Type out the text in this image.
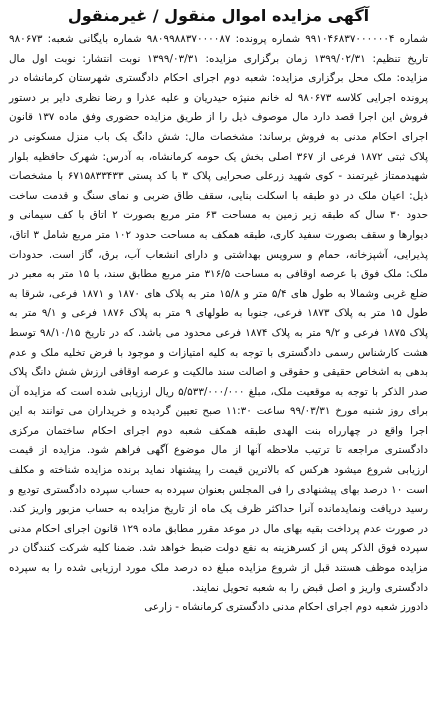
آگهی مزایده اموال منقول / غیرمنقول

شماره ۹۹۱۰۴۶۸۳۷۰۰۰۰۰۰۴ شماره پرونده: ۹۸۰۹۹۸۸۳۷۰۰۰۰۸۷ شماره بایگانی شعبه: ۹۸۰۶۷۳ تاریخ تنظیم: ۱۳۹۹/۰۲/۳۱ زمان برگزاری مزایده: ۱۳۹۹/۰۳/۳۱ نوبت انتشار: نوبت اول مال مزایده: ملک محل برگزاری مزایده: شعبه دوم اجرای احکام دادگستری شهرستان کرمانشاه در پرونده اجرایی کلاسه ۹۸۰۶۷۳ له خانم منیژه حیدریان و علیه عذرا و رضا نظری داير بر دستور فروش این اجرا قصد دارد مال موصوف ذیل را از طریق مزایده حضوری وفق ماده ۱۳۷ قانون اجرای احکام مدنی به فروش برساند: مشخصات مال: شش دانگ یک باب منزل مسکونی در پلاک ثبتی ۱۸۷۲ فرعی از ۳۶۷ اصلی بخش یک حومه کرمانشاه، به آدرس: شهرک حافظیه بلوار شهیدممتاز غیرتمند - کوی شهید زرعلی صحرایی پلاک ۳ با کد پستی ۶۷۱۵۸۳۳۴۳۳ با مشخصات ذیل: اعیان ملک در دو طبقه با اسکلت بنایی، سقف طاق ضربی و نمای سنگ و قدمت ساخت حدود ۳۰ سال که طبقه زیر زمین به مساحت ۶۳ متر مربع بصورت ۲ اتاق با کف سیمانی و دیوارها و سقف بصورت سفید کاری، طبقه همکف به مساحت حدود ۱۰۲ متر مربع شامل ۳ اتاق، پذیرایی، آشپزخانه، حمام و سرویس بهداشتی و دارای انشعاب آب، برق، گاز است. حدودات ملک: ملک فوق با عرصه اوقافی به مساحت ۳۱۶/۵ متر مربع مطابق سند، با ۱۵ متر به معبر در ضلع غربی وشمالا به طول های ۵/۴ متر و ۱۵/۸ متر به پلاک های ۱۸۷۰ و ۱۸۷۱ فرعی، شرقا به طول ۱۵ متر به پلاک ۱۸۷۳ فرعی، جنوبا به طولهای ۹ متر به پلاک ۱۸۷۶ فرعی و ۹/۱ متر به پلاک ۱۸۷۵ فرعی و ۹/۲ متر به پلاک ۱۸۷۴ فرعی محدود می باشد. که در تاریخ ۹۸/۱۰/۱۵ توسط هشت کارشناس رسمی دادگستری با توجه به کلیه امتیازات و موجود با فرض تخلیه ملک و عدم بدهی به اشخاص حقیقی و حقوقی و اصالت سند مالکیت و عرصه اوقافی ارزش شش دانگ پلاک صدر الذکر با توجه به موقعیت ملک، مبلغ ۵/۵۳۳/۰۰۰/۰۰۰ ریال ارزیابی شده است که مزایده آن برای روز شنبه مورخ ۹۹/۰۳/۳۱ ساعت ۱۱:۳۰ صبح تعیین گردیده و خریداران می توانند به این اجرا واقع در چهارراه بنت الهدی طبقه همکف شعبه دوم اجرای احکام ساختمان مرکزی دادگستری مراجعه تا ترتیب ملاحظه آنها از مال موضوع آگهی فراهم شود. مزایده از قیمت ارزیابی شروع میشود هرکس که بالاترین قیمت را پیشنهاد نماید برنده مزایده شناخته و مکلف است ۱۰ درصد بهای پیشنهادی را فی المجلس بعنوان سپرده به حساب سپرده دادگستری تودیع و رسید دریافت ونمایدمانده آنرا حداکثر ظرف یک ماه از تاریخ مزایده به حساب مزبور واریز کند. در صورت عدم پرداخت بقیه بهای مال در موعد مقرر مطابق ماده ۱۲۹ قانون اجرای احکام مدنی سپرده فوق الذکر پس از کسرهزینه به نفع دولت ضبط خواهد شد. ضمنا کلیه شرکت کنندگان در مزایده موظف هستند قبل از شروع مزایده مبلغ ده درصد ملک مورد ارزیابی شده را به سپرده دادگستری واریز و اصل قبض را به شعبه تحویل نمایند.

دادورز شعبه دوم اجرای احکام مدنی دادگستری کرمانشاه - زارعی
